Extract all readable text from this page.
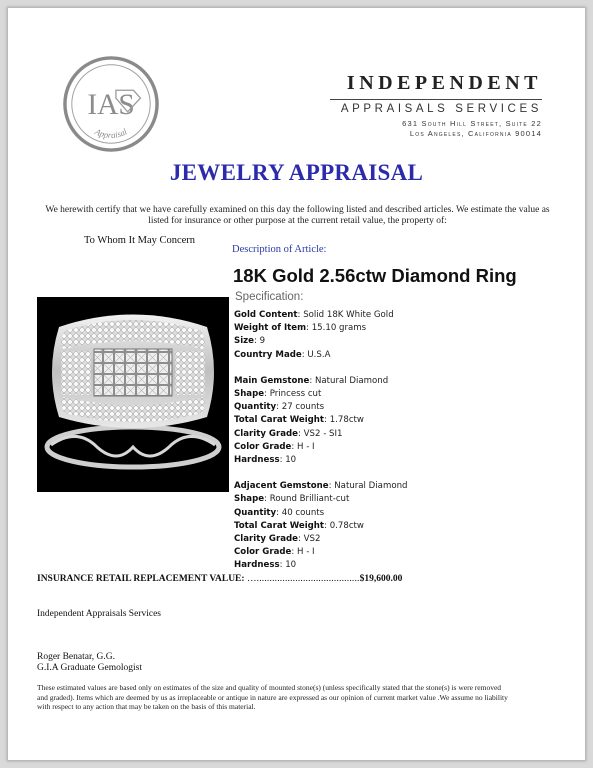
IAS
Appraisal
INDEPENDENT
APPRAISALS SERVICES
631 South Hill Street, Suite 22
Los Angeles, California 90014
JEWELRY APPRAISAL
We herewith certify that we have carefully examined on this day the following listed and described articles. We estimate the value as listed for insurance or other purpose at the current retail value, the property of:
To Whom It May Concern
Description of Article:
18K Gold 2.56ctw Diamond Ring
Specification:
Gold Content: Solid 18K White Gold
Weight of Item: 15.10 grams
Size: 9
Country Made: U.S.A
Main Gemstone: Natural Diamond
Shape: Princess cut
Quantity: 27 counts
Total Carat Weight: 1.78ctw
Clarity Grade: VS2 - SI1
Color Grade: H - I
Hardness: 10
Adjacent Gemstone: Natural Diamond
Shape: Round Brilliant-cut
Quantity: 40 counts
Total Carat Weight: 0.78ctw
Clarity Grade: VS2
Color Grade: H - I
Hardness: 10
INSURANCE RETAIL REPLACEMENT VALUE: …........................................$19,600.00
Independent Appraisals Services
Roger Benatar, G.G.
G.I.A Graduate Gemologist
These estimated values are based only on estimates of the size and quality of mounted stone(s) (unless specifically stated that the stone(s) is were removed and graded). Items which are deemed by us as irreplaceable or antique in nature are expressed as our opinion of current market value .We assume no liability with respect to any action that may be taken on the basis of this material.
